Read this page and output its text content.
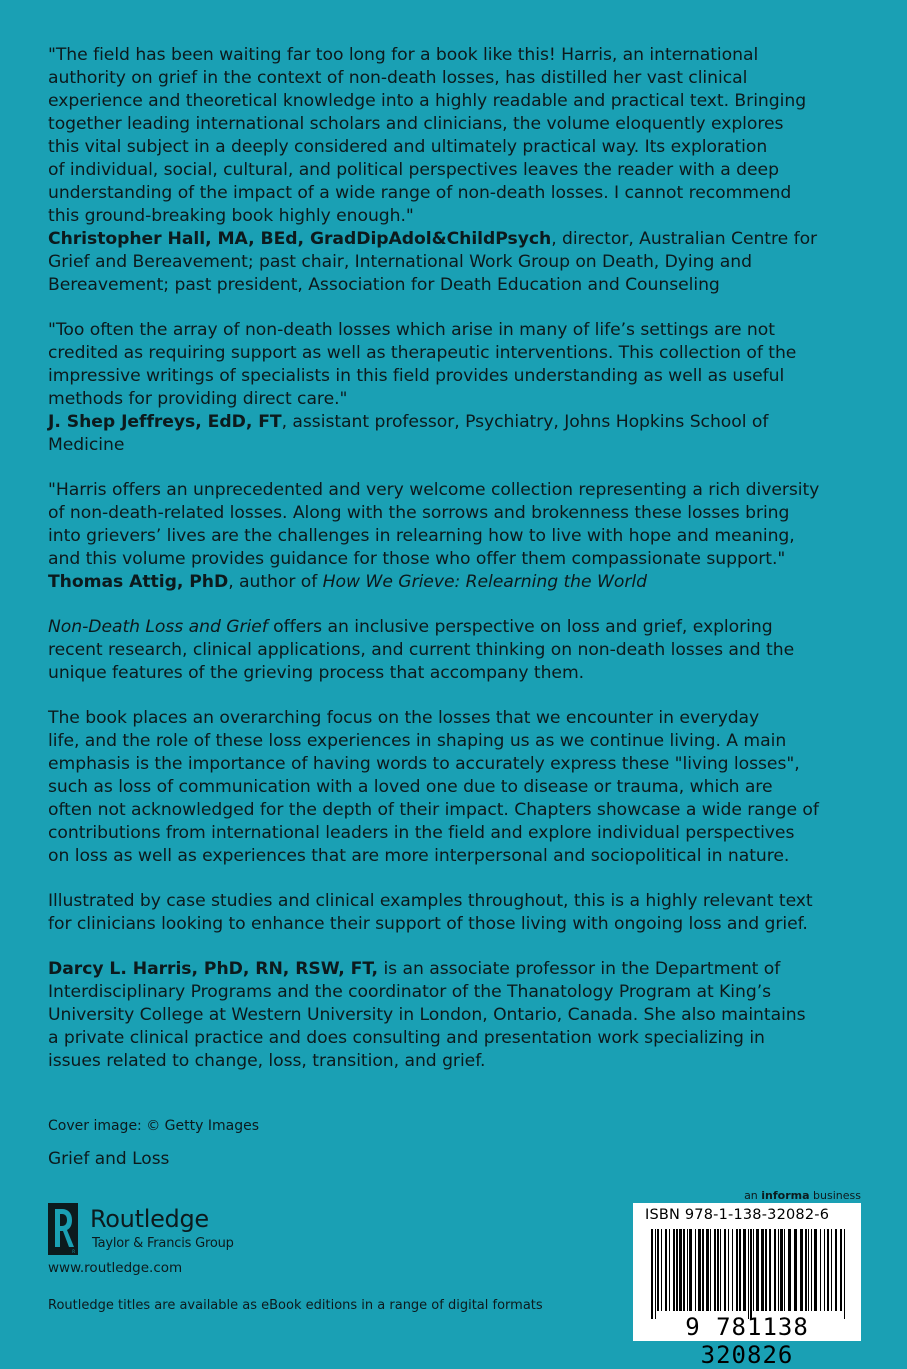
"The field has been waiting far too long for a book like this! Harris, an international
authority on grief in the context of non-death losses, has distilled her vast clinical
experience and theoretical knowledge into a highly readable and practical text. Bringing
together leading international scholars and clinicians, the volume eloquently explores
this vital subject in a deeply considered and ultimately practical way. Its exploration
of individual, social, cultural, and political perspectives leaves the reader with a deep
understanding of the impact of a wide range of non-death losses. I cannot recommend
this ground-breaking book highly enough."
Christopher Hall, MA, BEd, GradDipAdol&ChildPsych, director, Australian Centre for
Grief and Bereavement; past chair, International Work Group on Death, Dying and
Bereavement; past president, Association for Death Education and Counseling
"Too often the array of non-death losses which arise in many of life’s settings are not
credited as requiring support as well as therapeutic interventions. This collection of the
impressive writings of specialists in this field provides understanding as well as useful
methods for providing direct care."
J. Shep Jeffreys, EdD, FT, assistant professor, Psychiatry, Johns Hopkins School of
Medicine
"Harris offers an unprecedented and very welcome collection representing a rich diversity
of non-death-related losses. Along with the sorrows and brokenness these losses bring
into grievers’ lives are the challenges in relearning how to live with hope and meaning,
and this volume provides guidance for those who offer them compassionate support."
Thomas Attig, PhD, author of How We Grieve: Relearning the World
Non-Death Loss and Grief offers an inclusive perspective on loss and grief, exploring
recent research, clinical applications, and current thinking on non-death losses and the
unique features of the grieving process that accompany them.
The book places an overarching focus on the losses that we encounter in everyday
life, and the role of these loss experiences in shaping us as we continue living. A main
emphasis is the importance of having words to accurately express these "living losses",
such as loss of communication with a loved one due to disease or trauma, which are
often not acknowledged for the depth of their impact. Chapters showcase a wide range of
contributions from international leaders in the field and explore individual perspectives
on loss as well as experiences that are more interpersonal and sociopolitical in nature.
Illustrated by case studies and clinical examples throughout, this is a highly relevant text
for clinicians looking to enhance their support of those living with ongoing loss and grief.
Darcy L. Harris, PhD, RN, RSW, FT, is an associate professor in the Department of
Interdisciplinary Programs and the coordinator of the Thanatology Program at King’s
University College at Western University in London, Ontario, Canada. She also maintains
a private clinical practice and does consulting and presentation work specializing in
issues related to change, loss, transition, and grief.
Cover image: © Getty Images
Grief and Loss
R
Routledge
Taylor & Francis Group
www.routledge.com
Routledge titles are available as eBook editions in a range of digital formats
an informa business
ISBN 978-1-138-32082-6
9 781138 320826
